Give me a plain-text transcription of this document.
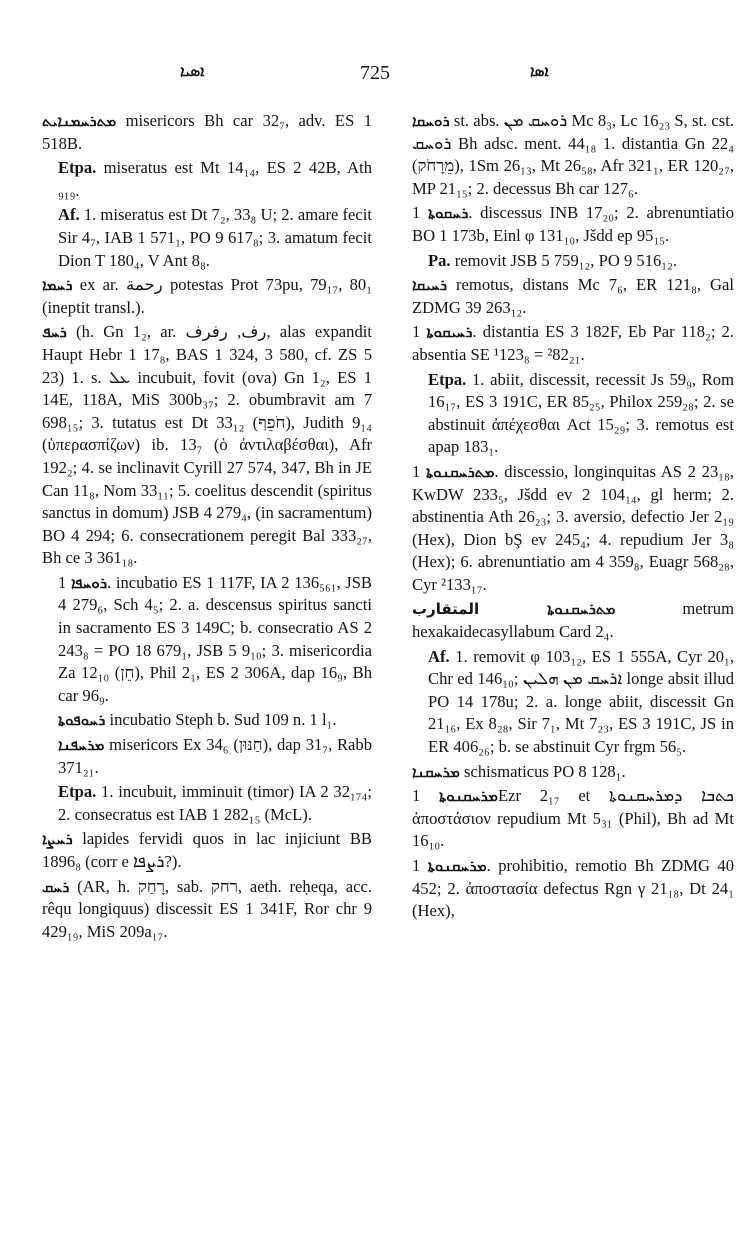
ܐܣܝܐ	725	ܐܣܐ

ܡܬܪܚܡܢܐܝܬ misericors Bh car 32₇, adv. ES 1 518B.

Etpa. miseratus est Mt 14₁₄, ES 2 42B, Ath ₉₁₉.

Af. 1. miseratus est Dt 7₂, 33₈ U; 2. amare fecit Sir 4₇, IAB 1 571₁, PO 9 617₈; 3. amatum fecit Dion T 180₄, V Ant 8₈.

ܪܚܡܐ ex ar. رحمة potestas Prot 73pu, 79₁₇, 80₁ (ineptit transl.).

ܪܚܦ (h. Gn 1₂, ar. رف, رفرف, alas expandit Haupt Hebr 1 17₈, BAS 1 324, 3 580, cf. ZS 5 23) 1. s. ܥܠ incubuit, fovit (ova) Gn 1₂, ES 1 14E, 118A, MiS 300b₃₇; 2. obumbravit am 7 698₁₅; 3. tutatus est Dt 33₁₂ (חֹפֵף), Judith 9₁₄ (ὑπερασπίζων) ib. 13₇ (ὁ ἀντιλαβέσθαι), Afr 192₂; 4. se inclinavit Cyrill 27 574, 347, Bh in JE Can 11₈, Nom 33₁₁; 5. coelitus descendit (spiritus sanctus in domum) JSB 4 279₄, (in sacramentum) BO 4 294; 6. consecrationem peregit Bal 333₂₇, Bh ce 3 361₁₈.

ܪܘܚܦܐ 1. incubatio ES 1 117F, IA 2 136₅₆₁, JSB 4 279₆, Sch 4₅; 2. a. descensus spiritus sancti in sacramento ES 3 149C; b. consecratio AS 2 243₈ = PO 18 679₁, JSB 5 9₁₀; 3. misericordia Za 12₁₀ (חֵן), Phil 2₁, ES 2 306A, dap 16₉, Bh car 96₉.

ܪܚܘܦܘܬܐ incubatio Steph b. Sud 109 n. 1 l₁.

ܡܪܚܦܢܐ misericors Ex 34₆ (חַנּוּן), dap 31₇, Rabb 371₂₁.

Etpa. 1. incubuit, imminuit (timor) IA 2 32₁₇₄; 2. consecratus est IAB 1 282₁₅ (McL).

ܪܚܨܐ lapides fervidi quos in lac injiciunt BB 1896₈ (corr e ܪܨܦܐ?).

ܪܚܩ (AR, h. רָחַק, sab. רחק, aeth. reḥeqa, acc. rêqu longiquus) discessit ES 1 341F, Ror chr 9 429₁₉, MiS 209a₁₇.

ܪܘܚܩܐ st. abs. ܪܘܚܩ ܡܢ Mc 8₃, Lc 16₂₃ S, st. cst. ܪܘܚܩ Bh adsc. ment. 44₁₈ 1. distantia Gn 22₄ (מֵרָחֹק), 1Sm 26₁₃, Mt 26₅₈, Afr 321₁, ER 120₂₇, MP 21₁₅; 2. decessus Bh car 127₆.

ܪܚܩܘܬܐ 1. discessus INB 17₂₀; 2. abrenuntiatio BO 1 173b, Einl φ 131₁₀, Jšdd ep 95₁₅.

Pa. removit JSB 5 759₁₂, PO 9 516₁₂.

ܪܚܝܩܐ remotus, distans Mc 7₆, ER 121₈, Gal ZDMG 39 263₁₂.

ܪܚܝܩܘܬܐ 1. distantia ES 3 182F, Eb Par 118₂; 2. absentia SE ¹123₈ = ²82₂₁.

Etpa. 1. abiit, discessit, recessit Js 59₉, Rom 16₁₇, ES 3 191C, ER 85₂₅, Philox 259₂₈; 2. se abstinuit ἀπέχεσθαι Act 15₂₉; 3. remotus est apap 183₁.

ܡܬܪܚܩܢܘܬܐ 1. discessio, longinquitas AS 2 23₁₈, KwDW 233₅, Jšdd ev 2 104₁₄, gl herm; 2. abstinentia Ath 26₂₃; 3. aversio, defectio Jer 2₁₉ (Hex), Dion bŞ ev 245₄; 4. repudium Jer 3₈ (Hex); 6. abrenuntiatio am 4 359₈, Euagr 568₂₈, Cyr ²133₁₇.

ܡܬܪܚܩܢܘܬܐ المتقارب metrum hexakaidecasyllabum Card 2₄.

Af. 1. removit φ 103₁₂, ES 1 555A, Cyr 20₁, Chr ed 146₁₀; ܐܪܚܩ ܡܢ ܗܠܝܢ longe absit illud PO 14 178u; 2. a. longe abiit, discessit Gn 21₁₆, Ex 8₂₈, Sir 7₁, Mt 7₂₃, ES 3 191C, JS in ER 406₂₆; b. se abstinuit Cyr frgm 56₅.

ܡܪܚܩܢܐ schismaticus PO 8 128₁.

ܡܪܚܩܢܘܬܐ 1Ezr 2₁₇ et ܟܬܒܐ ܕܡܪܚܩܢܘܬܐ ἀποστάσιον repudium Mt 5₃₁ (Phil), Bh ad Mt 16₁₀.

ܡܪܚܩܢܘܬܐ 1. prohibitio, remotio Bh ZDMG 40 452; 2. ἀποστασία defectus Rgn γ 21₁₈, Dt 24₁ (Hex),
